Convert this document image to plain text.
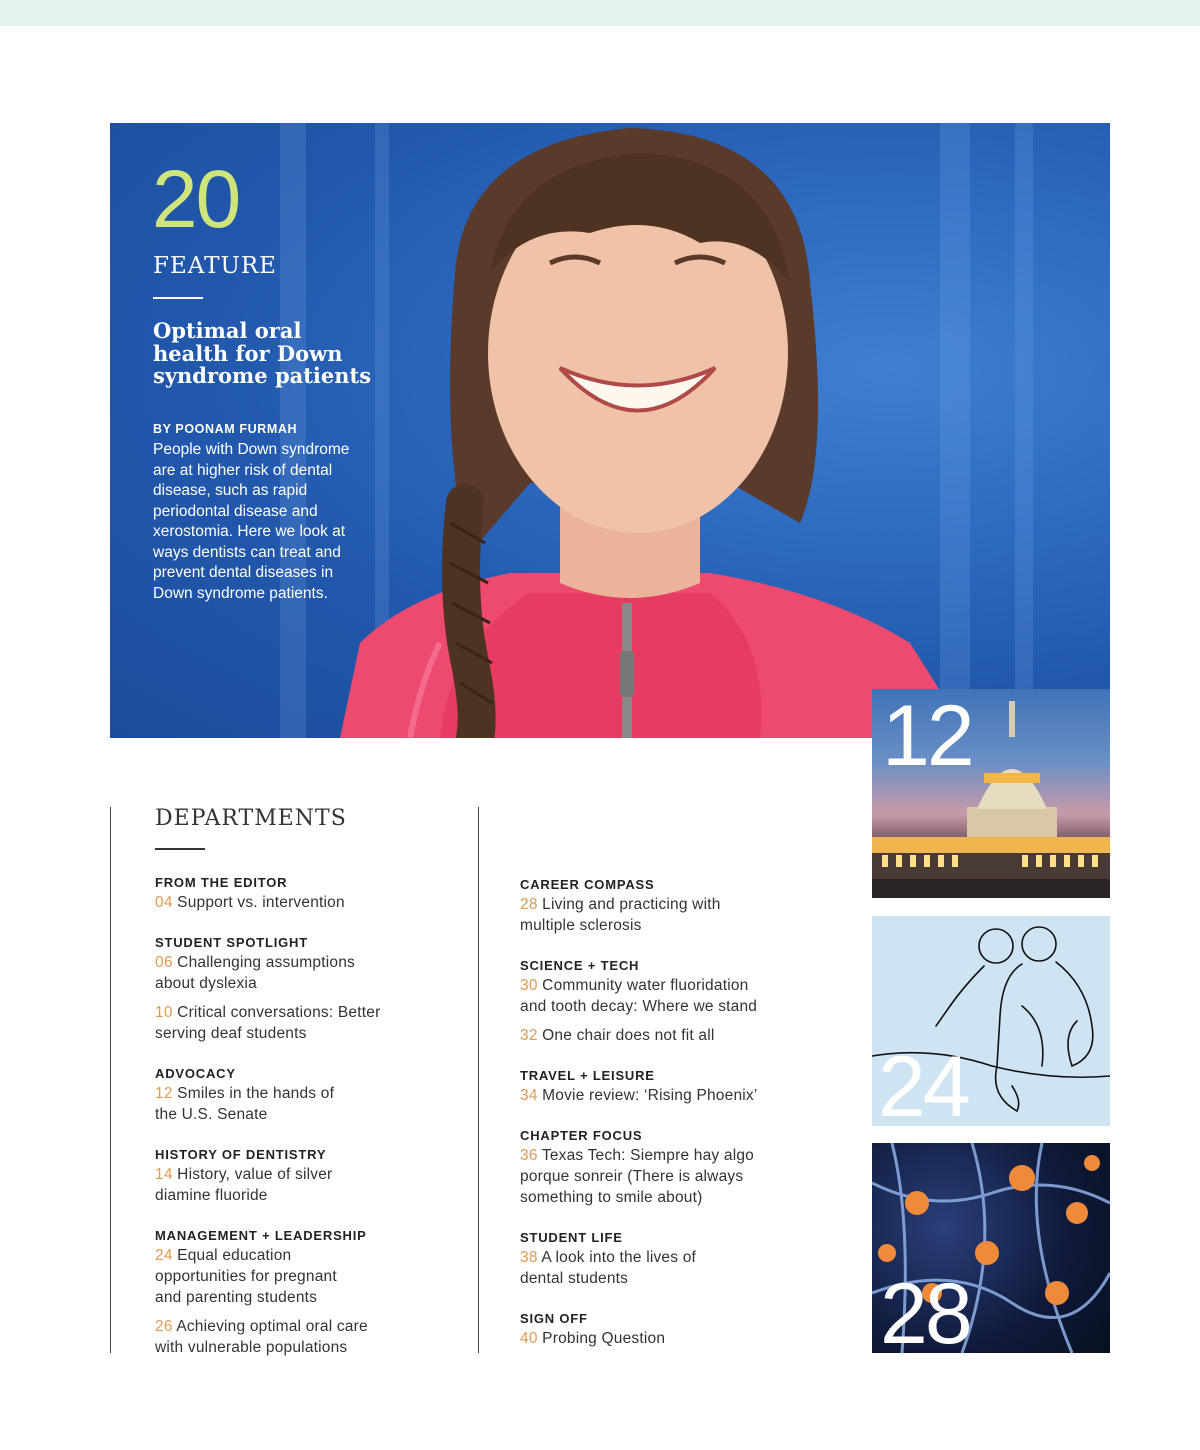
20
FEATURE
Optimal oral health for Down syndrome patients
BY POONAM FURMAH
People with Down syndrome are at higher risk of dental disease, such as rapid periodontal disease and xerostomia. Here we look at ways dentists can treat and prevent dental diseases in Down syndrome patients.
DEPARTMENTS
FROM THE EDITOR
04 Support vs. intervention
STUDENT SPOTLIGHT
06 Challenging assumptions about dyslexia
10 Critical conversations: Better serving deaf students
ADVOCACY
12 Smiles in the hands of the U.S. Senate
HISTORY OF DENTISTRY
14 History, value of silver diamine fluoride
MANAGEMENT + LEADERSHIP
24 Equal education opportunities for pregnant and parenting students
26 Achieving optimal oral care with vulnerable populations
CAREER COMPASS
28 Living and practicing with multiple sclerosis
SCIENCE + TECH
30 Community water fluoridation and tooth decay: Where we stand
32 One chair does not fit all
TRAVEL + LEISURE
34 Movie review: ‘Rising Phoenix’
CHAPTER FOCUS
36 Texas Tech: Siempre hay algo porque sonreir (There is always something to smile about)
STUDENT LIFE
38 A look into the lives of dental students
SIGN OFF
40 Probing Question
12
24
28
